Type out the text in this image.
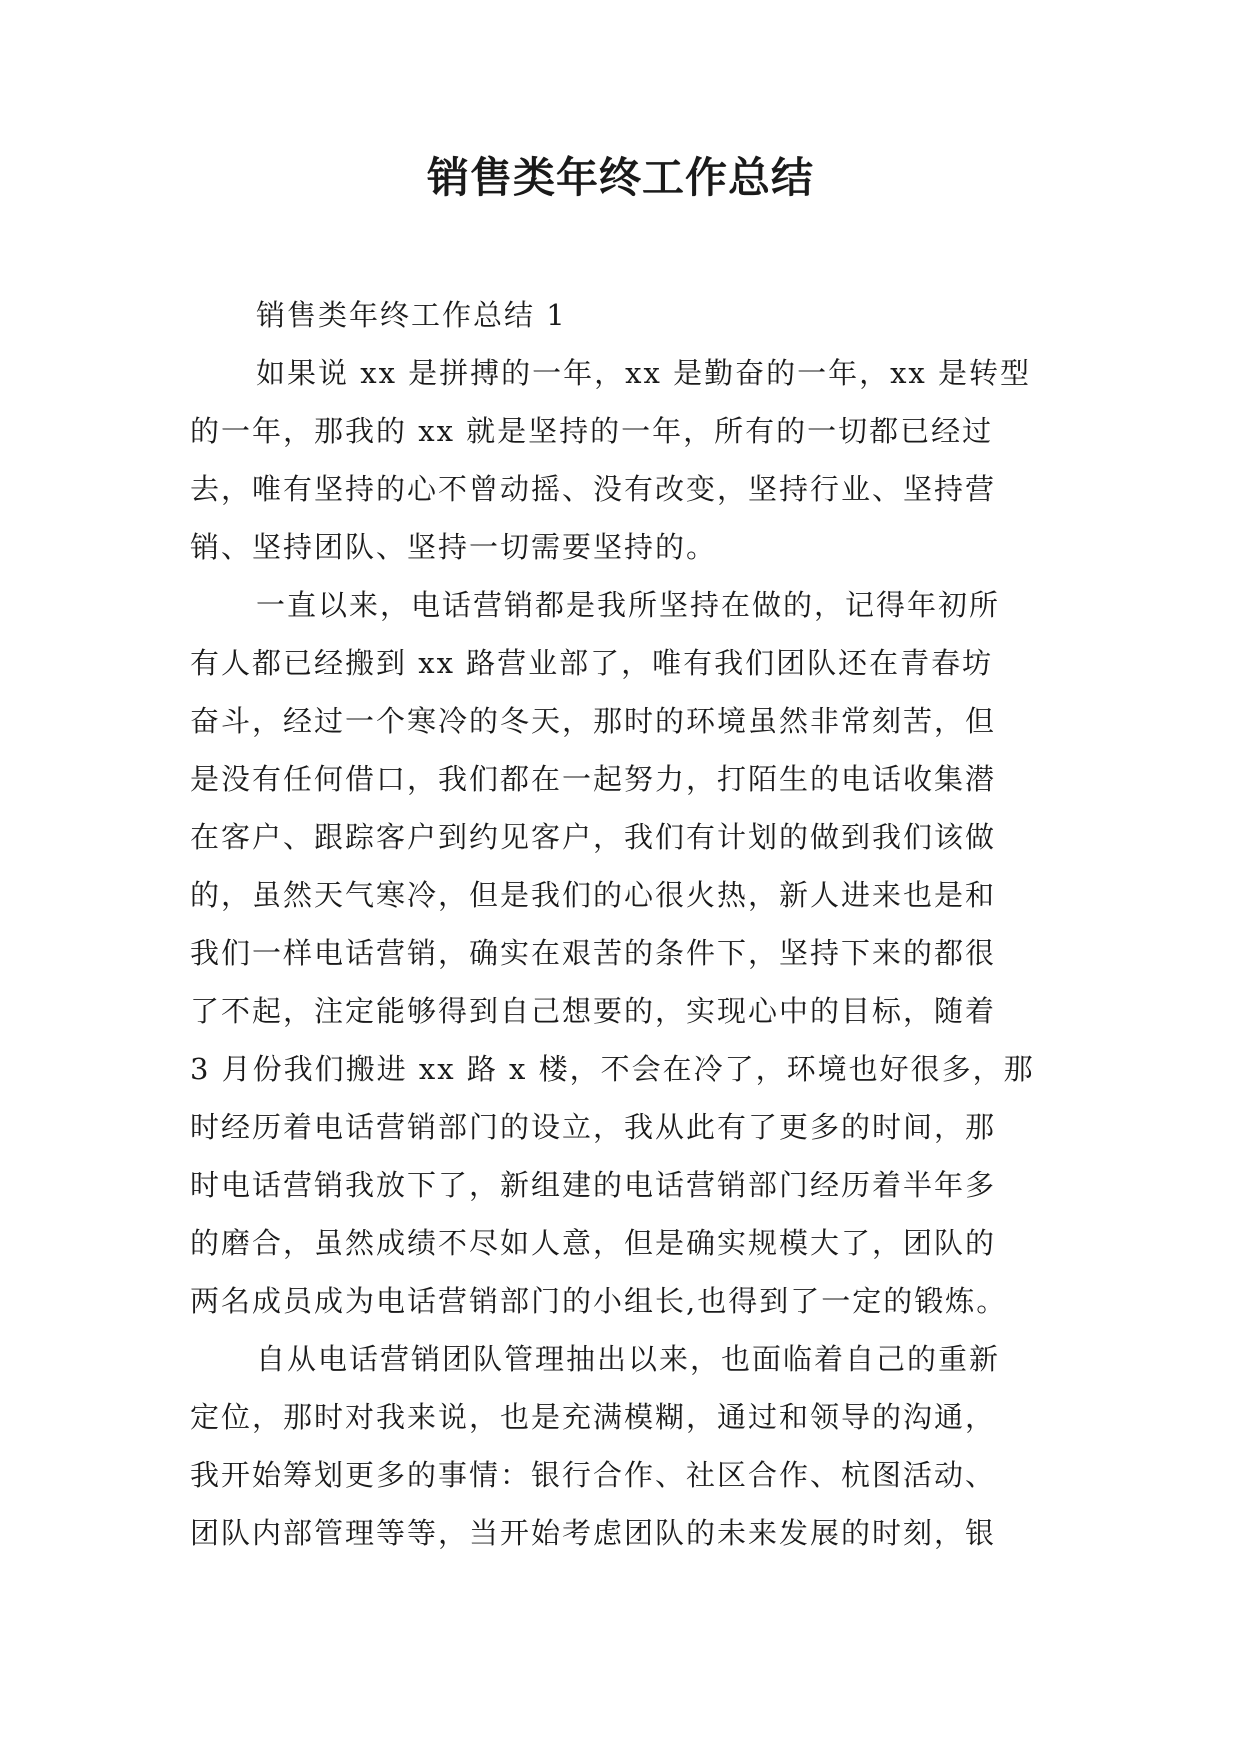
销售类年终工作总结
销售类年终工作总结 1
如果说 xx 是拼搏的一年，xx 是勤奋的一年，xx 是转型
的一年，那我的 xx 就是坚持的一年，所有的一切都已经过
去，唯有坚持的心不曾动摇、没有改变，坚持行业、坚持营
销、坚持团队、坚持一切需要坚持的。
一直以来，电话营销都是我所坚持在做的，记得年初所
有人都已经搬到 xx 路营业部了，唯有我们团队还在青春坊
奋斗，经过一个寒冷的冬天，那时的环境虽然非常刻苦，但
是没有任何借口，我们都在一起努力，打陌生的电话收集潜
在客户、跟踪客户到约见客户，我们有计划的做到我们该做
的，虽然天气寒冷，但是我们的心很火热，新人进来也是和
我们一样电话营销，确实在艰苦的条件下，坚持下来的都很
了不起，注定能够得到自己想要的，实现心中的目标，随着
3 月份我们搬进 xx 路 x 楼，不会在冷了，环境也好很多，那
时经历着电话营销部门的设立，我从此有了更多的时间，那
时电话营销我放下了，新组建的电话营销部门经历着半年多
的磨合，虽然成绩不尽如人意，但是确实规模大了，团队的
两名成员成为电话营销部门的小组长,也得到了一定的锻炼。
自从电话营销团队管理抽出以来，也面临着自己的重新
定位，那时对我来说，也是充满模糊，通过和领导的沟通，
我开始筹划更多的事情：银行合作、社区合作、杭图活动、
团队内部管理等等，当开始考虑团队的未来发展的时刻，银
